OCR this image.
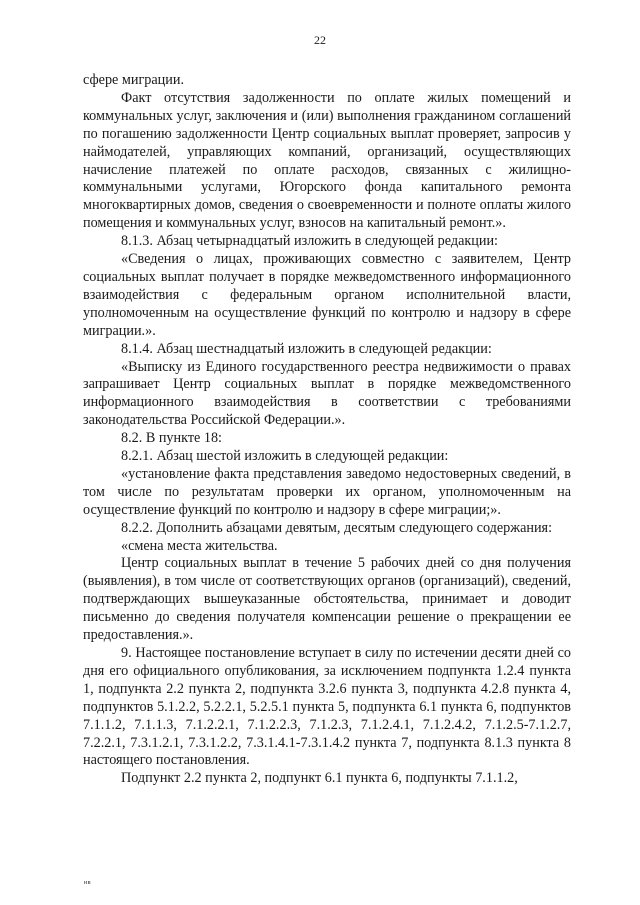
22

сфере миграции.

Факт отсутствия задолженности по оплате жилых помещений и коммунальных услуг, заключения и (или) выполнения гражданином соглашений по погашению задолженности Центр социальных выплат проверяет, запросив у наймодателей, управляющих компаний, организаций, осуществляющих начисление платежей по оплате расходов, связанных с жилищно-коммунальными услугами, Югорского фонда капитального ремонта многоквартирных домов, сведения о своевременности и полноте оплаты жилого помещения и коммунальных услуг, взносов на капитальный ремонт.».

8.1.3. Абзац четырнадцатый изложить в следующей редакции:

«Сведения о лицах, проживающих совместно с заявителем, Центр социальных выплат получает в порядке межведомственного информационного взаимодействия с федеральным органом исполнительной власти, уполномоченным на осуществление функций по контролю и надзору в сфере миграции.».

8.1.4. Абзац шестнадцатый изложить в следующей редакции:

«Выписку из Единого государственного реестра недвижимости о правах запрашивает Центр социальных выплат в порядке межведомственного информационного взаимодействия в соответствии с требованиями законодательства Российской Федерации.».

8.2. В пункте 18:

8.2.1. Абзац шестой изложить в следующей редакции:

«установление факта представления заведомо недостоверных сведений, в том числе по результатам проверки их органом, уполномоченным на осуществление функций по контролю и надзору в сфере миграции;».

8.2.2. Дополнить абзацами девятым, десятым следующего содержания:

«смена места жительства.

Центр социальных выплат в течение 5 рабочих дней со дня получения (выявления), в том числе от соответствующих органов (организаций), сведений, подтверждающих вышеуказанные обстоятельства, принимает и доводит письменно до сведения получателя компенсации решение о прекращении ее предоставления.».

9. Настоящее постановление вступает в силу по истечении десяти дней со дня его официального опубликования, за исключением подпункта 1.2.4 пункта 1, подпункта 2.2 пункта 2, подпункта 3.2.6 пункта 3, подпункта 4.2.8 пункта 4, подпунктов 5.1.2.2, 5.2.2.1, 5.2.5.1 пункта 5, подпункта 6.1 пункта 6, подпунктов 7.1.1.2, 7.1.1.3, 7.1.2.2.1, 7.1.2.2.3, 7.1.2.3, 7.1.2.4.1, 7.1.2.4.2, 7.1.2.5-7.1.2.7, 7.2.2.1, 7.3.1.2.1, 7.3.1.2.2, 7.3.1.4.1-7.3.1.4.2 пункта 7, подпункта 8.1.3 пункта 8 настоящего постановления.

Подпункт 2.2 пункта 2, подпункт 6.1 пункта 6, подпункты 7.1.1.2,

нв
